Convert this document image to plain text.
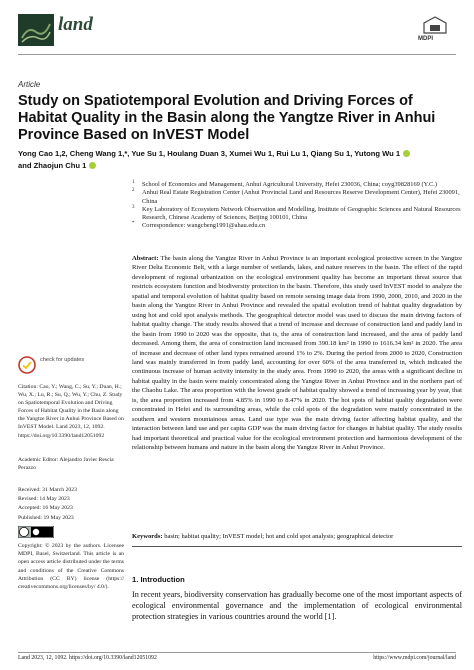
land
MDPI
Article
Study on Spatiotemporal Evolution and Driving Forces of Habitat Quality in the Basin along the Yangtze River in Anhui Province Based on InVEST Model
Yong Cao 1,2, Cheng Wang 1,*, Yue Su 1, Houlang Duan 3, Xumei Wu 1, Rui Lu 1, Qiang Su 1, Yutong Wu 1
and Zhaojun Chu 1
1 School of Economics and Management, Anhui Agricultural University, Hefei 230036, China; coyg39828169 (Y.C.)
2 Anhui Real Estate Registration Center (Anhui Provincial Land and Resources Reserve Development Center), Hefei 230091, China
3 Key Laboratory of Ecosystem Network Observation and Modelling, Institute of Geographic Sciences and Natural Resources Research, Chinese Academy of Sciences, Beijing 100101, China
* Correspondence: wangcbeng1991@ahau.edu.cn
Abstract: The basin along the Yangtze River in Anhui Province is an important ecological protective screen in the Yangtze River Delta Economic Belt, with a large number of wetlands, lakes, and nature reserves in the basin. The effect of the rapid development of regional urbanization on the ecological environment quality has become an important threat source that restricts ecosystem function and biodiversity protection in the basin. Therefore, this study used InVEST model to analyze the spatial and temporal evolution of habitat quality based on remote sensing image data from 1990, 2000, 2010, and 2020 in the basin along the Yangtze River in Anhui Province and revealed the spatial evolution trend of habitat quality degradation by using hot and cold spot analysis methods. The geographical detector model was used to discuss the main driving factors of habitat quality change. The study results showed that a trend of increase and decrease of construction land and paddy land in the basin from 1990 to 2020 was the opposite, that is, the area of construction land increased, and the area of paddy land decreased. Among them, the area of construction land increased from 390.18 km² in 1990 to 1616.34 km² in 2020. The area of increase and decrease of other land types remained around 1% to 2%. During the period from 2000 to 2020, Construction land was mainly transferred in from paddy land, accounting for over 60% of the area transferred in, which indicated the continuous increase of human activity intensity in the study area. From 1990 to 2020, the areas with a significant decline in habitat quality in the basin were mainly concentrated along the Yangtze River in Anhui Province and in the northern part of the Chaohu Lake. The area proportion with the lowest grade of habitat quality showed a trend of increasing year by year, that is, the area proportion increased from 4.85% in 1990 to 8.47% in 2020. The hot spots of habitat quality degradation were concentrated in Hefei and its surrounding areas, while the cold spots of the degradation were mainly concentrated in the southern and western mountainous areas. Land use type was the main driving factor affecting habitat quality, and the interaction between land use and per capita GDP was the main driving factor for changes in habitat quality. The study results had important theoretical and practical value for the ecological environment protection and harmonious development of the relationship between humans and nature in the basin along the Yangtze River in Anhui Province.
Keywords: basin; habitat quality; InVEST model; hot and cold spot analysis; geographical detector
1. Introduction
In recent years, biodiversity conservation has gradually become one of the most important aspects of ecological environmental governance and the implementation of ecological environmental protection strategies in various countries around the world [1].
check for updates
Citation: Cao, Y.; Wang, C.; Su, Y.; Duan, H.; Wu, X.; Lu, R.; Su, Q.; Wu, Y.; Chu, Z. Study on Spatiotemporal Evolution and Driving Forces of Habitat Quality in the Basin along the Yangtze River in Anhui Province Based on InVEST Model. Land 2023, 12, 1092. https://doi.org/10.3390/land12051092
Academic Editor: Alejandro Javier Rescia Perazzo
Received: 31 March 2023
Revised: 14 May 2023
Accepted: 16 May 2023
Published: 19 May 2023
Copyright: © 2023 by the authors. Licensee MDPI, Basel, Switzerland. This article is an open access article distributed under the terms and conditions of the Creative Commons Attribution (CC BY) license (https:// creativecommons.org/licenses/by/ 4.0/).
Land 2023, 12, 1092. https://doi.org/10.3390/land12051092	https://www.mdpi.com/journal/land
